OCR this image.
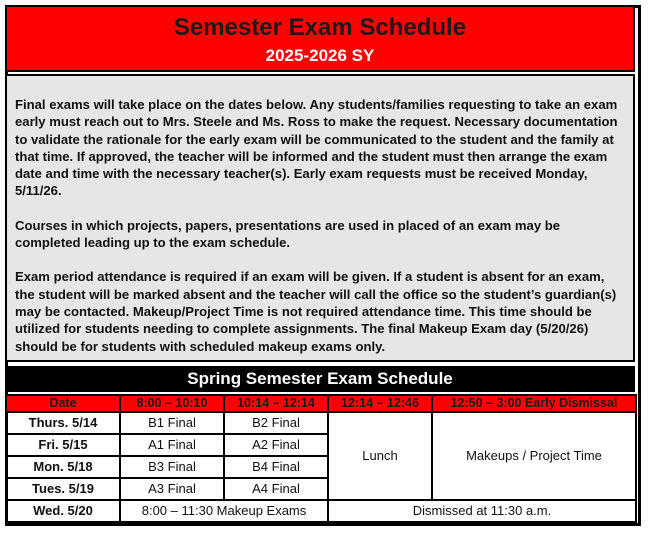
Semester Exam Schedule
2025-2026 SY

Final exams will take place on the dates below. Any students/families requesting to take an exam early must reach out to Mrs. Steele and Ms. Ross to make the request. Necessary documentation to validate the rationale for the early exam will be communicated to the student and the family at that time. If approved, the teacher will be informed and the student must then arrange the exam date and time with the necessary teacher(s). Early exam requests must be received Monday, 5/11/26.

Courses in which projects, papers, presentations are used in placed of an exam may be completed leading up to the exam schedule.

Exam period attendance is required if an exam will be given. If a student is absent for an exam, the student will be marked absent and the teacher will call the office so the student’s guardian(s) may be contacted. Makeup/Project Time is not required attendance time. This time should be utilized for students needing to complete assignments. The final Makeup Exam day (5/20/26) should be for students with scheduled makeup exams only.

Spring Semester Exam Schedule
Date	8:00 – 10:10	10:14 – 12:14	12:14 – 12:46	12:50 – 3:00 Early Dismissal
Thurs. 5/14	B1 Final	B2 Final	Lunch	Makeups / Project Time
Fri. 5/15	A1 Final	A2 Final		
Mon. 5/18	B3 Final	B4 Final		
Tues. 5/19	A3 Final	A4 Final		
Wed. 5/20	8:00 – 11:30 Makeup Exams		Dismissed at 11:30 a.m.	
